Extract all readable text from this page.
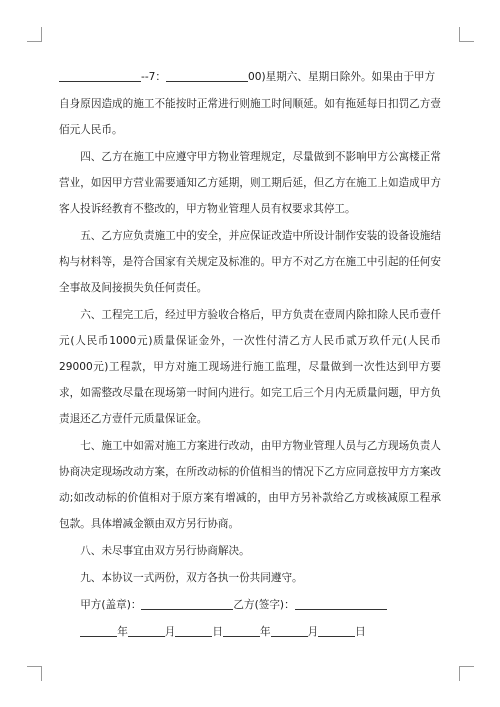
--7：	00)星期六、星期日除外。如果由于甲方

自身原因造成的施工不能按时正常进行则施工时间顺延。如有拖延每日扣罚乙方壹佰元人民币。

四、乙方在施工中应遵守甲方物业管理规定，尽量做到不影响甲方公寓楼正常营业，如因甲方营业需要通知乙方延期，则工期后延，但乙方在施工上如造成甲方客人投诉经教育不整改的，甲方物业管理人员有权要求其停工。

五、乙方应负责施工中的安全，并应保证改造中所设计制作安装的设备设施结构与材料等，是符合国家有关规定及标准的。甲方不对乙方在施工中引起的任何安全事故及间接损失负任何责任。

六、工程完工后，经过甲方验收合格后，甲方负责在壹周内除扣除人民币壹仟元(人民币1000元)质量保证金外，一次性付清乙方人民币贰万玖仟元(人民币29000元)工程款，甲方对施工现场进行施工监理，尽量做到一次性达到甲方要求，如需整改尽量在现场第一时间内进行。如完工后三个月内无质量问题，甲方负责退还乙方壹仟元质量保证金。

七、施工中如需对施工方案进行改动，由甲方物业管理人员与乙方现场负责人协商决定现场改动方案，在所改动标的价值相当的情况下乙方应同意按甲方方案改动;如改动标的价值相对于原方案有增减的，由甲方另补款给乙方或核减原工程承包款。具体增减金额由双方另行协商。

八、未尽事宜由双方另行协商解决。

九、本协议一式两份，双方各执一份共同遵守。

甲方(盖章)：	乙方(签字)：

年	月	日	年	月	日
